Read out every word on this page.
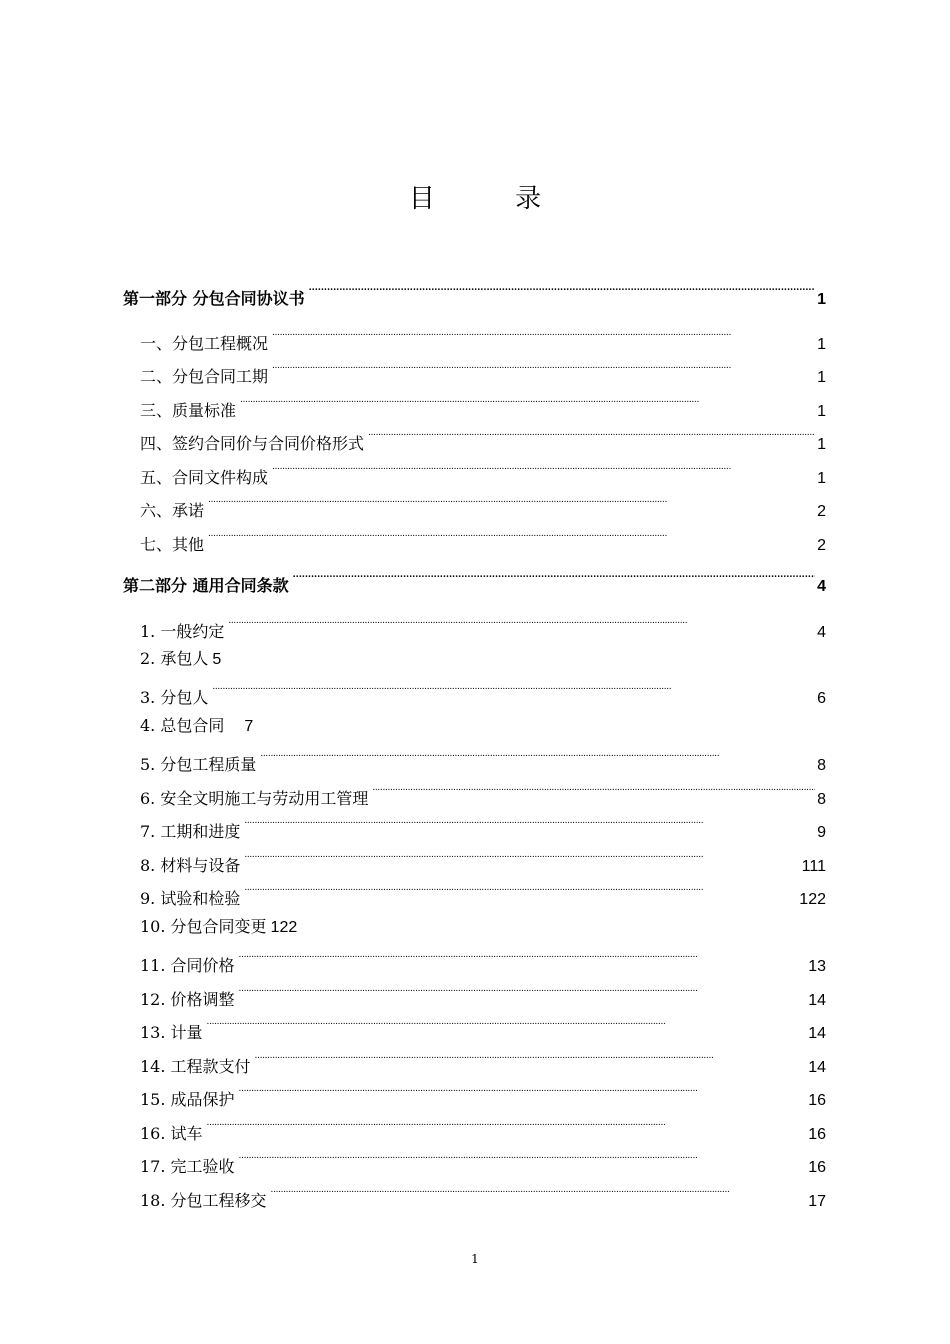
目 录
第一部分 分包合同协议书 . . .	1
一、分包工程概况 . . .	1
二、分包合同工期 . . .	1
三、质量标准 . . .	1
四、签约合同价与合同价格形式 . . .	1
五、合同文件构成 . . .	1
六、承诺 . . .	2
七、其他 . . .	2
第二部分 通用合同条款 . . .	4
1. 一般约定 . . .	4
2. 承包人 5
3. 分包人 . . .	6
4. 总包合同 7
5. 分包工程质量 . . .	8
6. 安全文明施工与劳动用工管理 . . .	8
7. 工期和进度 . . .	9
8. 材料与设备 . . .	111
9. 试验和检验 . . .	122
10. 分包合同变更 122
11. 合同价格 . . .	13
12. 价格调整 . . .	14
13. 计量 . . .	14
14. 工程款支付 . . .	14
15. 成品保护 . . .	16
16. 试车 . . .	16
17. 完工验收 . . .	16
18. 分包工程移交 . . .	17
1
